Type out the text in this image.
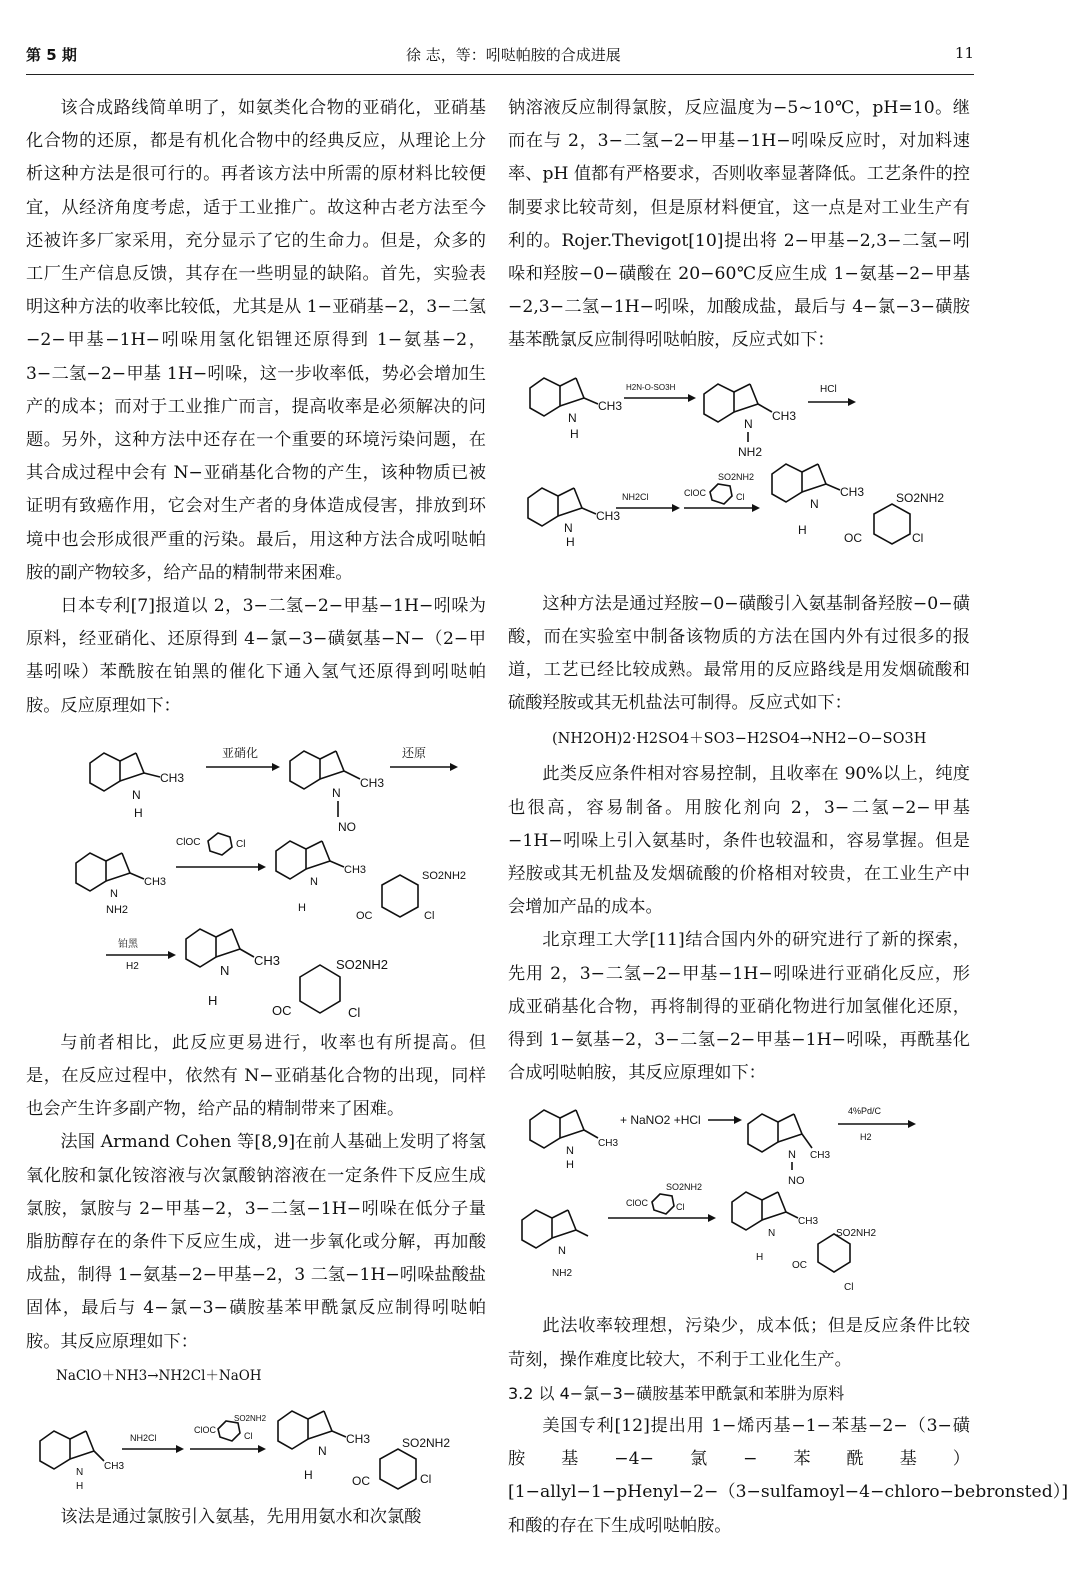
第 5 期	徐 志，等：吲哒帕胺的合成进展	11

该合成路线简单明了，如氨类化合物的亚硝化，亚硝基化合物的还原，都是有机化合物中的经典反应，从理论上分析这种方法是很可行的。再者该方法中所需的原材料比较便宜，从经济角度考虑，适于工业推广。故这种古老方法至今还被许多厂家采用，充分显示了它的生命力。但是，众多的工厂生产信息反馈，其存在一些明显的缺陷。首先，实验表明这种方法的收率比较低，尤其是从 1−亚硝基−2，3−二氢−2−甲基−1H−吲哚用氢化铝锂还原得到 1−氨基−2，3−二氢−2−甲基 1H−吲哚，这一步收率低，势必会增加生产的成本；而对于工业推广而言，提高收率是必须解决的问题。另外，这种方法中还存在一个重要的环境污染问题，在其合成过程中会有 N−亚硝基化合物的产生，该种物质已被证明有致癌作用，它会对生产者的身体造成侵害，排放到环境中也会形成很严重的污染。最后，用这种方法合成吲哒帕胺的副产物较多，给产品的精制带来困难。

日本专利[7]报道以 2，3−二氢−2−甲基−1H−吲哚为原料，经亚硝化、还原得到 4−氯−3−磺氨基−N−（2−甲基吲哚）苯酰胺在铂黑的催化下通入氢气还原得到吲哒帕胺。反应原理如下：

N
H
CH3
亚硝化
N
NO
CH3
还原
N
NH2
CH3
ClOC	Cl
CH3
N
H
OC
SO2NH2
Cl
铂黑
H2	CH3
N
H
OC
SO2NH2
Cl

与前者相比，此反应更易进行，收率也有所提高。但是，在反应过程中，依然有 N−亚硝基化合物的出现，同样也会产生许多副产物，给产品的精制带来了困难。

法国 Armand Cohen 等[8,9]在前人基础上发明了将氢氧化胺和氯化铵溶液与次氯酸钠溶液在一定条件下反应生成氯胺，氯胺与 2−甲基−2，3−二氢−1H−吲哚在低分子量脂肪醇存在的条件下反应生成，进一步氧化或分解，再加酸成盐，制得 1−氨基−2−甲基−2，3 二氢−1H−吲哚盐酸盐固体，最后与 4−氯−3−磺胺基苯甲酰氯反应制得吲哒帕胺。其反应原理如下：

NaClO＋NH3→NH2Cl＋NaOH
CH3
N
H
NH2Cl
ClOC
SO2NH2
Cl	CH3
N
H	OC
SO2NH2
Cl

该法是通过氯胺引入氨基，先用用氨水和次氯酸

钠溶液反应制得氯胺，反应温度为−5~10℃，pH=10。继而在与 2，3−二氢−2−甲基−1H−吲哚反应时，对加料速率、pH 值都有严格要求，否则收率显著降低。工艺条件的控制要求比较苛刻，但是原材料便宜，这一点是对工业生产有利的。Rojer.Thevigot[10]提出将 2−甲基−2,3−二氢−吲哚和羟胺−0−磺酸在 20−60℃反应生成 1−氨基−2−甲基−2,3−二氢−1H−吲哚，加酸成盐，最后与 4−氯−3−磺胺基苯酰氯反应制得吲哒帕胺，反应式如下：

CH3
N
H
H2N-O-SO3H
CH3
N
NH2
HCl
CH3
N
H
NH2Cl	ClOC
SO2NH2
Cl	CH3
N
H
OC
SO2NH2
Cl

这种方法是通过羟胺−0−磺酸引入氨基制备羟胺−0−磺酸，而在实验室中制备该物质的方法在国内外有过很多的报道，工艺已经比较成熟。最常用的反应路线是用发烟硫酸和硫酸羟胺或其无机盐法可制得。反应式如下：

(NH2OH)2·H2SO4＋SO3−H2SO4→NH2−O−SO3H

此类反应条件相对容易控制，且收率在 90%以上，纯度也很高，容易制备。用胺化剂向 2，3−二氢−2−甲基−1H−吲哚上引入氨基时，条件也较温和，容易掌握。但是羟胺或其无机盐及发烟硫酸的价格相对较贵，在工业生产中会增加产品的成本。

北京理工大学[11]结合国内外的研究进行了新的探索，先用 2，3−二氢−2−甲基−1H−吲哚进行亚硝化反应，形成亚硝基化合物，再将制得的亚硝化物进行加氢催化还原，得到 1−氨基−2，3−二氢−2−甲基−1H−吲哚，再酰基化合成吲哒帕胺，其反应原理如下：

CH3
N
H
+ NaNO2 +HCl
CH3
N
NO
4%Pd/C
H2
N
NH2
ClOC
SO2NH2
Cl
CH3
N
H
OC
SO2NH2
Cl

此法收率较理想，污染少，成本低；但是反应条件比较苛刻，操作难度比较大，不利于工业化生产。

3.2 以 4−氯−3−磺胺基苯甲酰氯和苯肼为原料

美国专利[12]提出用 1−烯丙基−1−苯基−2−（3−磺胺基−4−氯−苯酰基）[1−allyl−1−pHenyl−2−（3−sulfamoyl−4−chloro−bebronsted）]和酸的存在下生成吲哒帕胺。
